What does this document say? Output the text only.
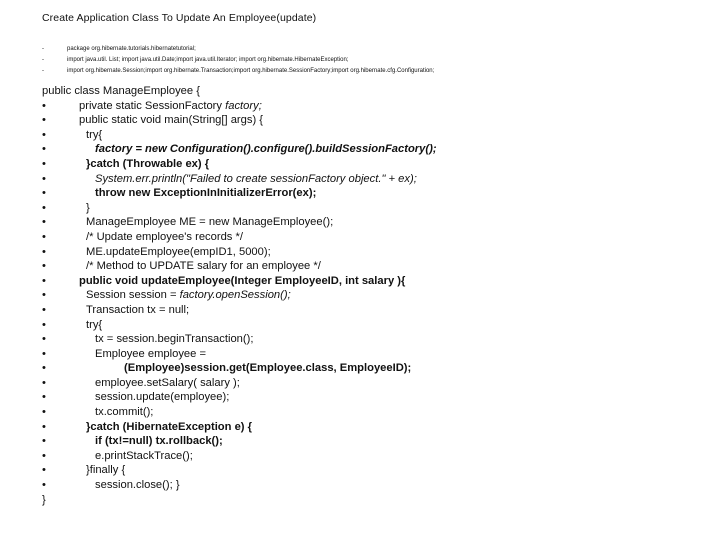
Create Application Class To Update An Employee(update)
-	package org.hibernate.tutorials.hibernatetutorial;
-	import java.util. List; import java.util.Date;import java.util.Iterator; import org.hibernate.HibernateException;
-	import org.hibernate.Session;import org.hibernate.Transaction;import org.hibernate.SessionFactory;import org.hibernate.cfg.Configuration;
public class ManageEmployee {
•	private static SessionFactory factory;
•	public static void main(String[] args) {
•	try{
•	factory = new Configuration().configure().buildSessionFactory();
•	}catch (Throwable ex) {
•	System.err.println("Failed to create sessionFactory object." + ex);
•	throw new ExceptionInInitializerError(ex);
•	}
•	ManageEmployee ME = new ManageEmployee();
•	/* Update employee's records */
•	ME.updateEmployee(empID1, 5000);
•	/* Method to UPDATE salary for an employee */
•	public void updateEmployee(Integer EmployeeID, int salary ){
•	Session session = factory.openSession();
•	Transaction tx = null;
•	try{
•	tx = session.beginTransaction();
•	Employee employee =
•	(Employee)session.get(Employee.class, EmployeeID);
•	employee.setSalary( salary );
•	session.update(employee);
•	tx.commit();
•	}catch (HibernateException e) {
•	if (tx!=null) tx.rollback();
•	e.printStackTrace();
•	}finally {
•	session.close(); }
}
